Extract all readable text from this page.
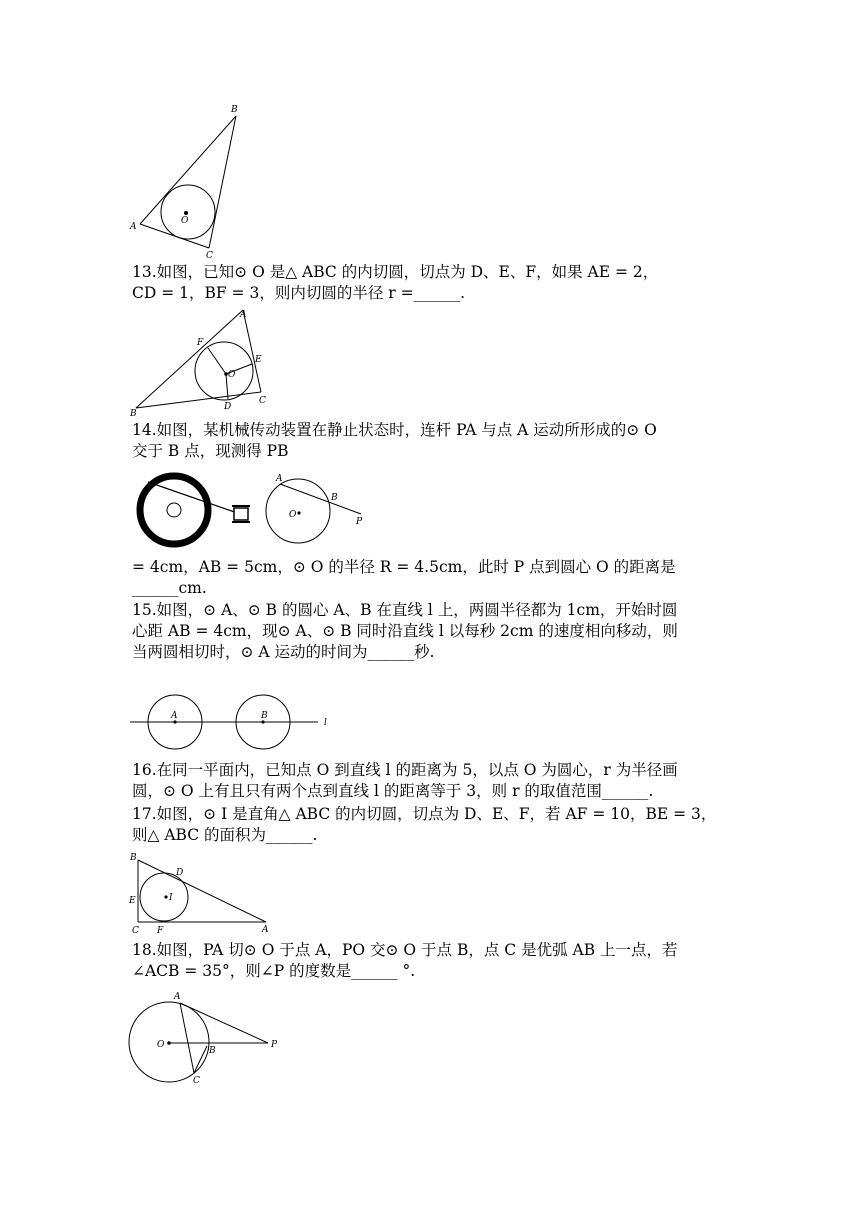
B
A
C
O
13.如图，已知⊙ O 是△ ABC 的内切圆，切点为 D、E、F，如果 AE = 2，
CD = 1，BF = 3，则内切圆的半径 r =______.
A
F
E
O
D
C
B
14.如图，某机械传动装置在静止状态时，连杆 PA 与点 A 运动所形成的⊙ O
交于 B 点，现测得 PB
A
B
O
P
= 4cm，AB = 5cm，⊙ O 的半径 R = 4.5cm，此时 P 点到圆心 O 的距离是
______cm.
15.如图，⊙ A、⊙ B 的圆心 A、B 在直线 l 上，两圆半径都为 1cm，开始时圆
心距 AB = 4cm，现⊙ A、⊙ B 同时沿直线 l 以每秒 2cm 的速度相向移动，则
当两圆相切时，⊙ A 运动的时间为______秒.
A	B
l
16.在同一平面内，已知点 O 到直线 l 的距离为 5，以点 O 为圆心，r 为半径画
圆，⊙ O 上有且只有两个点到直线 l 的距离等于 3，则 r 的取值范围______.
17.如图，⊙ I 是直角△ ABC 的内切圆，切点为 D、E、F，若 AF = 10，BE = 3，
则△ ABC 的面积为______.
B
D
I
E
C F	A
18.如图，PA 切⊙ O 于点 A，PO 交⊙ O 于点 B，点 C 是优弧 AB 上一点，若
∠ACB = 35°，则∠P 的度数是______ °.
A
O
B
P
C
